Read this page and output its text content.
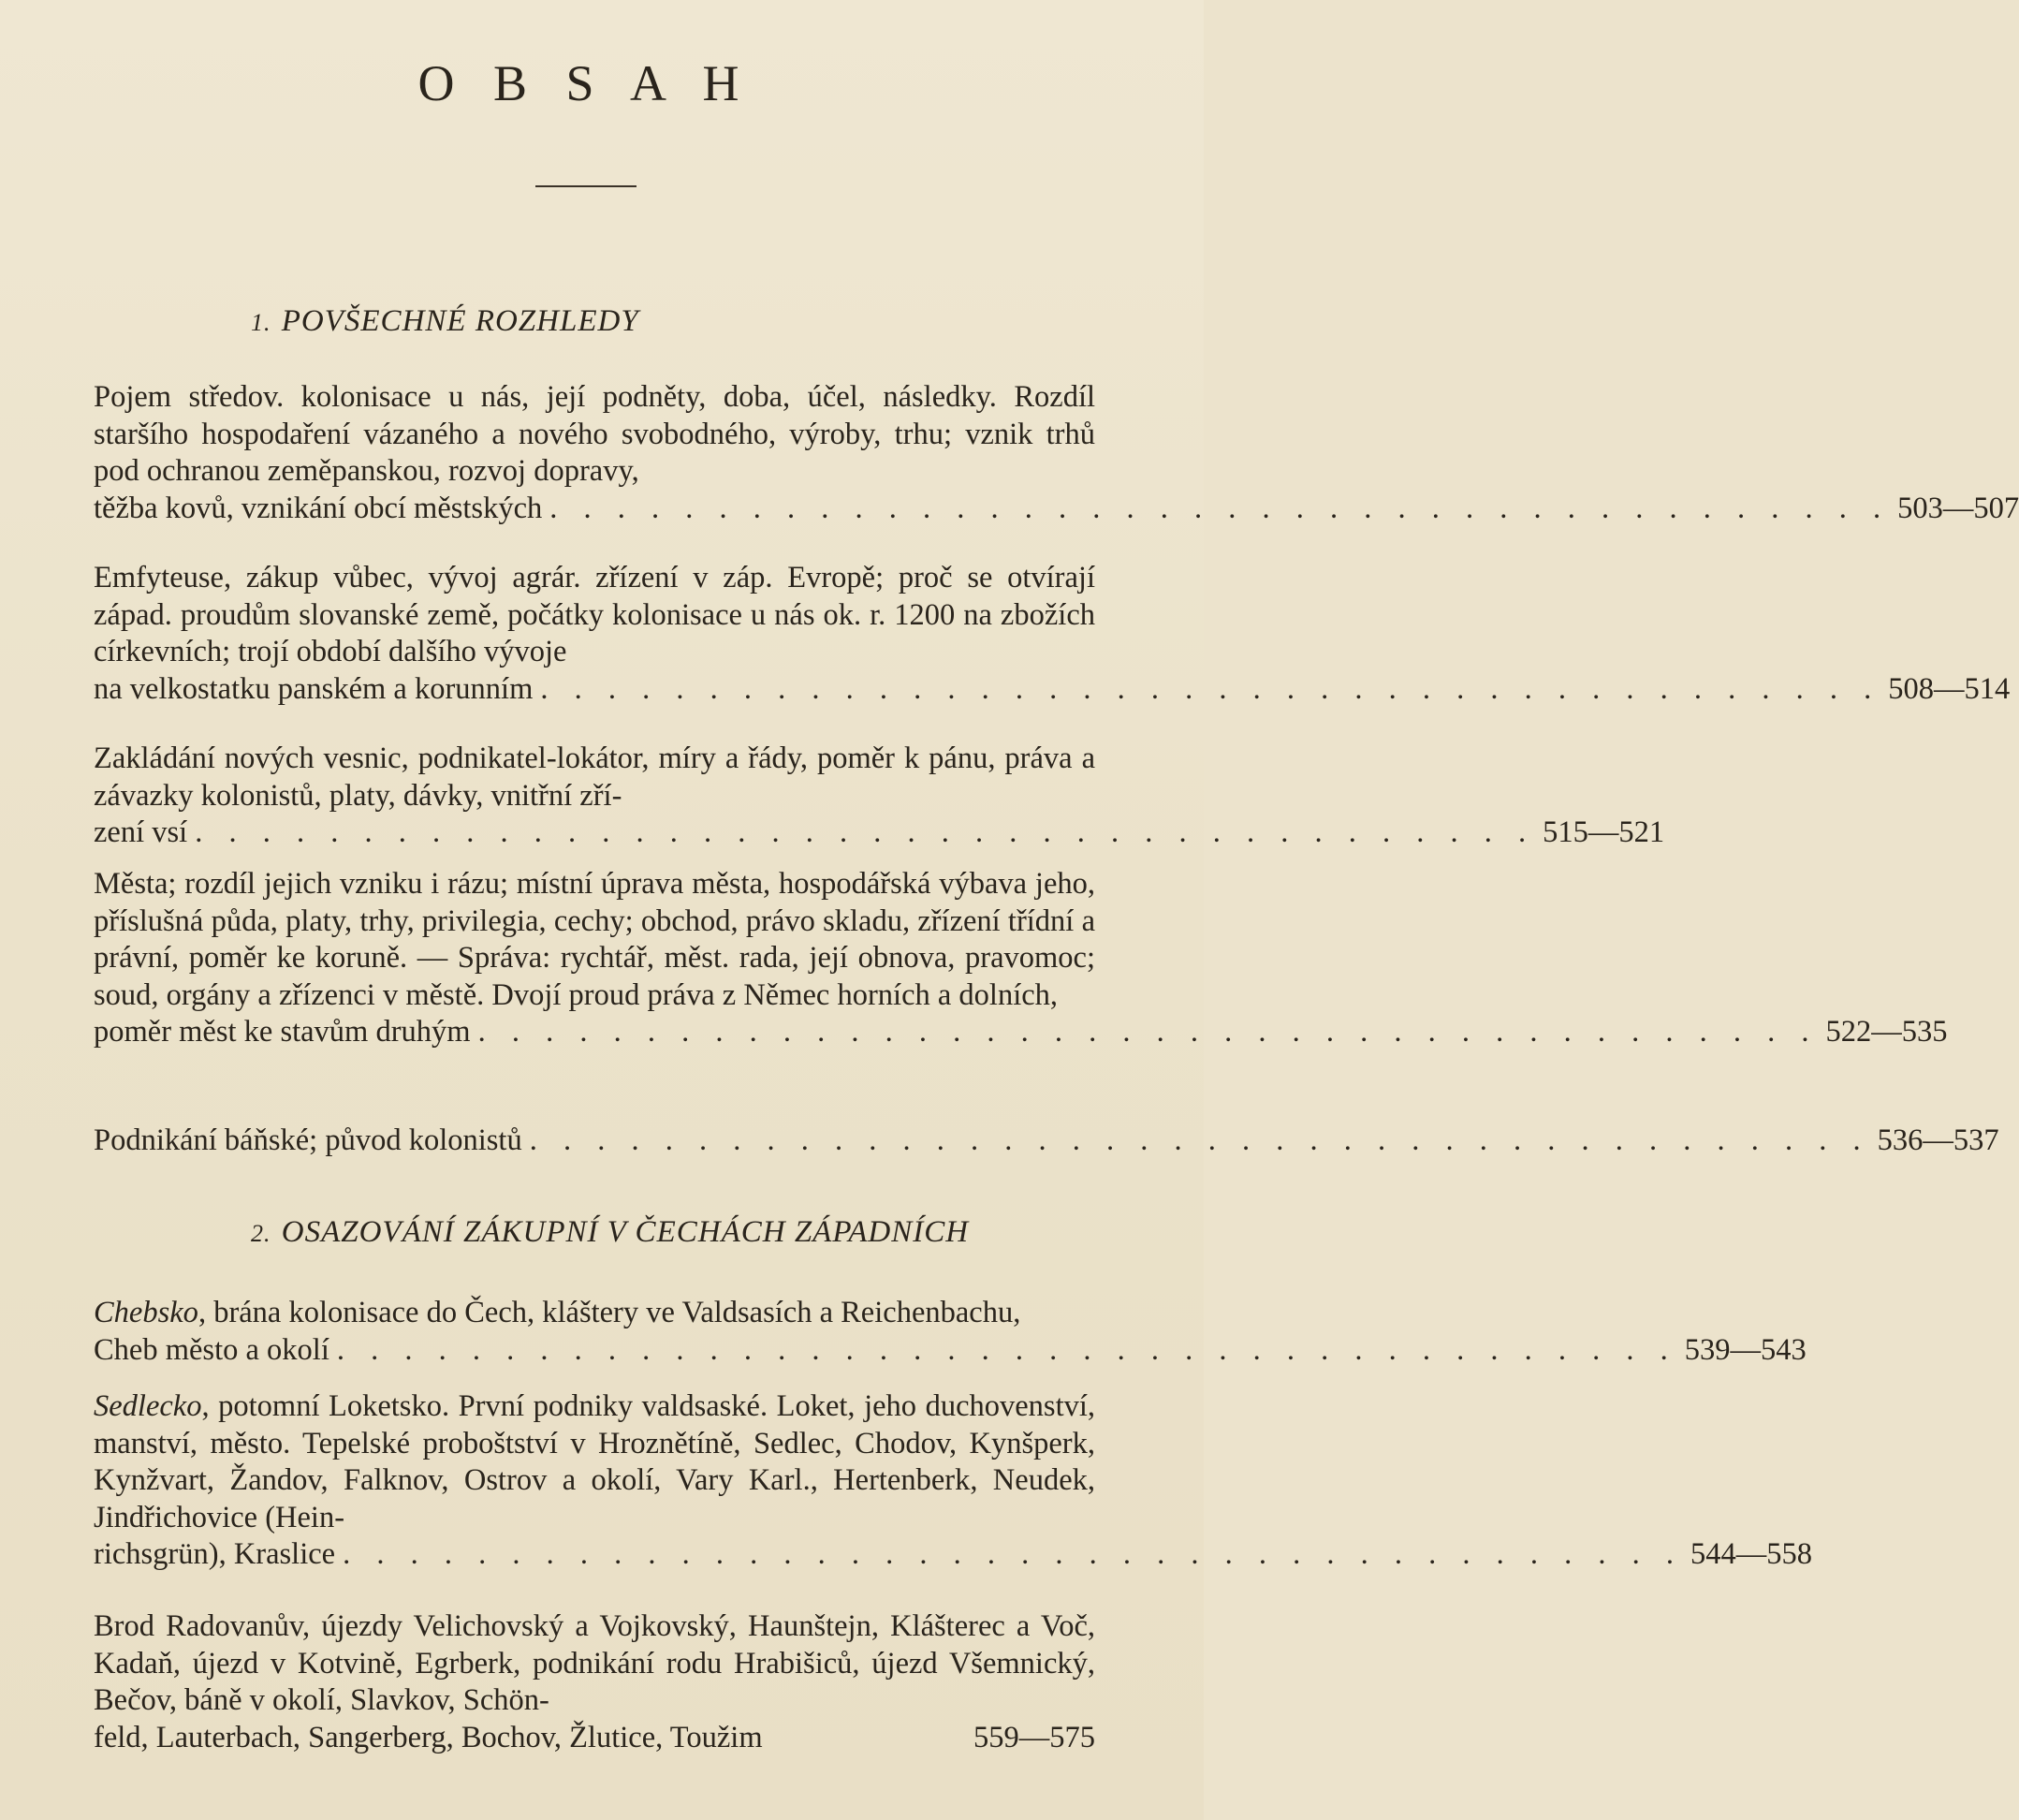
O B S A H
1. POVŠECHNÉ ROZHLEDY
Pojem středov. kolonisace u nás, její podněty, doba, účel, následky. Rozdíl staršího hospodaření vázaného a nového svobodného, výroby, trhu; vznik trhů pod ochranou zeměpanskou, rozvoj dopravy,
těžba kovů, vznikání obcí městských . . . . . . . . . . . . . . . . . . . . . . . . . . . . . . . . . . . . . . . . 503—507
Emfyteuse, zákup vůbec, vývoj agrár. zřízení v záp. Evropě; proč se otvírají západ. proudům slovanské země, počátky kolonisace u nás ok. r. 1200 na zbožích církevních; trojí období dalšího vývoje
na velkostatku panském a korunním . . . . . . . . . . . . . . . . . . . . . . . . . . . . . . . . . . . . . . . . 508—514
Zakládání nových vesnic, podnikatel-lokátor, míry a řády, poměr k pánu, práva a závazky kolonistů, platy, dávky, vnitřní zří-
zení vsí . . . . . . . . . . . . . . . . . . . . . . . . . . . . . . . . . . . . . . . . 515—521
Města; rozdíl jejich vzniku i rázu; místní úprava města, hospodářská výbava jeho, příslušná půda, platy, trhy, privilegia, cechy; obchod, právo skladu, zřízení třídní a právní, poměr ke koruně. — Správa: rychtář, měst. rada, její obnova, pravomoc; soud, orgány a zřízenci v městě. Dvojí proud práva z Němec horních a dolních,
poměr měst ke stavům druhým . . . . . . . . . . . . . . . . . . . . . . . . . . . . . . . . . . . . . . . . 522—535
Podnikání báňské; původ kolonistů . . . . . . . . . . . . . . . . . . . . . . . . . . . . . . . . . . . . . . . . 536—537
2. OSAZOVÁNÍ ZÁKUPNÍ V ČECHÁCH ZÁPADNÍCH
Chebsko, brána kolonisace do Čech, kláštery ve Valdsasích a Reichenbachu,
Cheb město a okolí . . . . . . . . . . . . . . . . . . . . . . . . . . . . . . . . . . . . . . . . 539—543
Sedlecko, potomní Loketsko. První podniky valdsaské. Loket, jeho duchovenství, manství, město. Tepelské proboštství v Hroznětíně, Sedlec, Chodov, Kynšperk, Kynžvart, Žandov, Falknov, Ostrov a okolí, Vary Karl., Hertenberk, Neudek, Jindřichovice (Hein-
richsgrün), Kraslice . . . . . . . . . . . . . . . . . . . . . . . . . . . . . . . . . . . . . . . . 544—558
Brod Radovanův, újezdy Velichovský a Vojkovský, Haunštejn, Klášterec a Voč, Kadaň, újezd v Kotvině, Egrberk, podnikání rodu Hrabišiců, újezd Všemnický, Bečov, báně v okolí, Slavkov, Schön-
feld, Lauterbach, Sangerberg, Bochov, Žlutice, Toužim	559—575
